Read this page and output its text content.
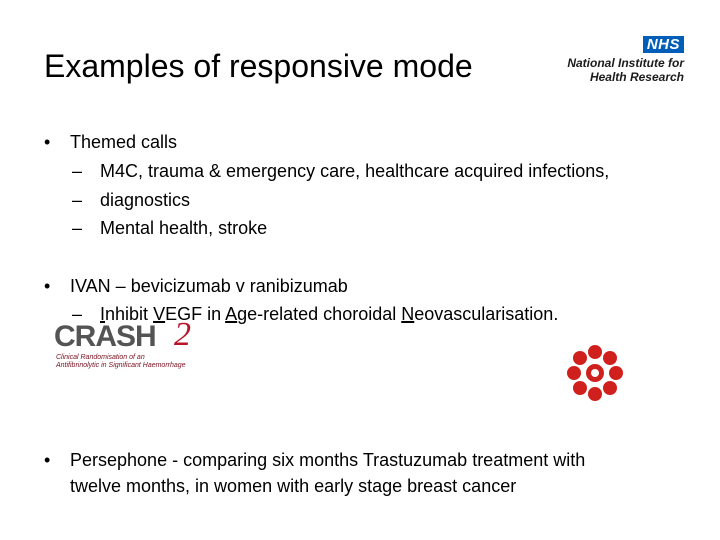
Examples of responsive mode
NHS
National Institute for
Health Research
• Themed calls
– M4C, trauma & emergency care, healthcare acquired infections,
– diagnostics
– Mental health, stroke
• IVAN – bevicizumab v ranibizumab
– Inhibit VEGF in Age-related choroidal Neovascularisation.
CRASH 2
Clinical Randomisation of an
Antifibrinolytic in Significant Haemorrhage
• Persephone - comparing six months Trastuzumab treatment with
twelve months, in women with early stage breast cancer
